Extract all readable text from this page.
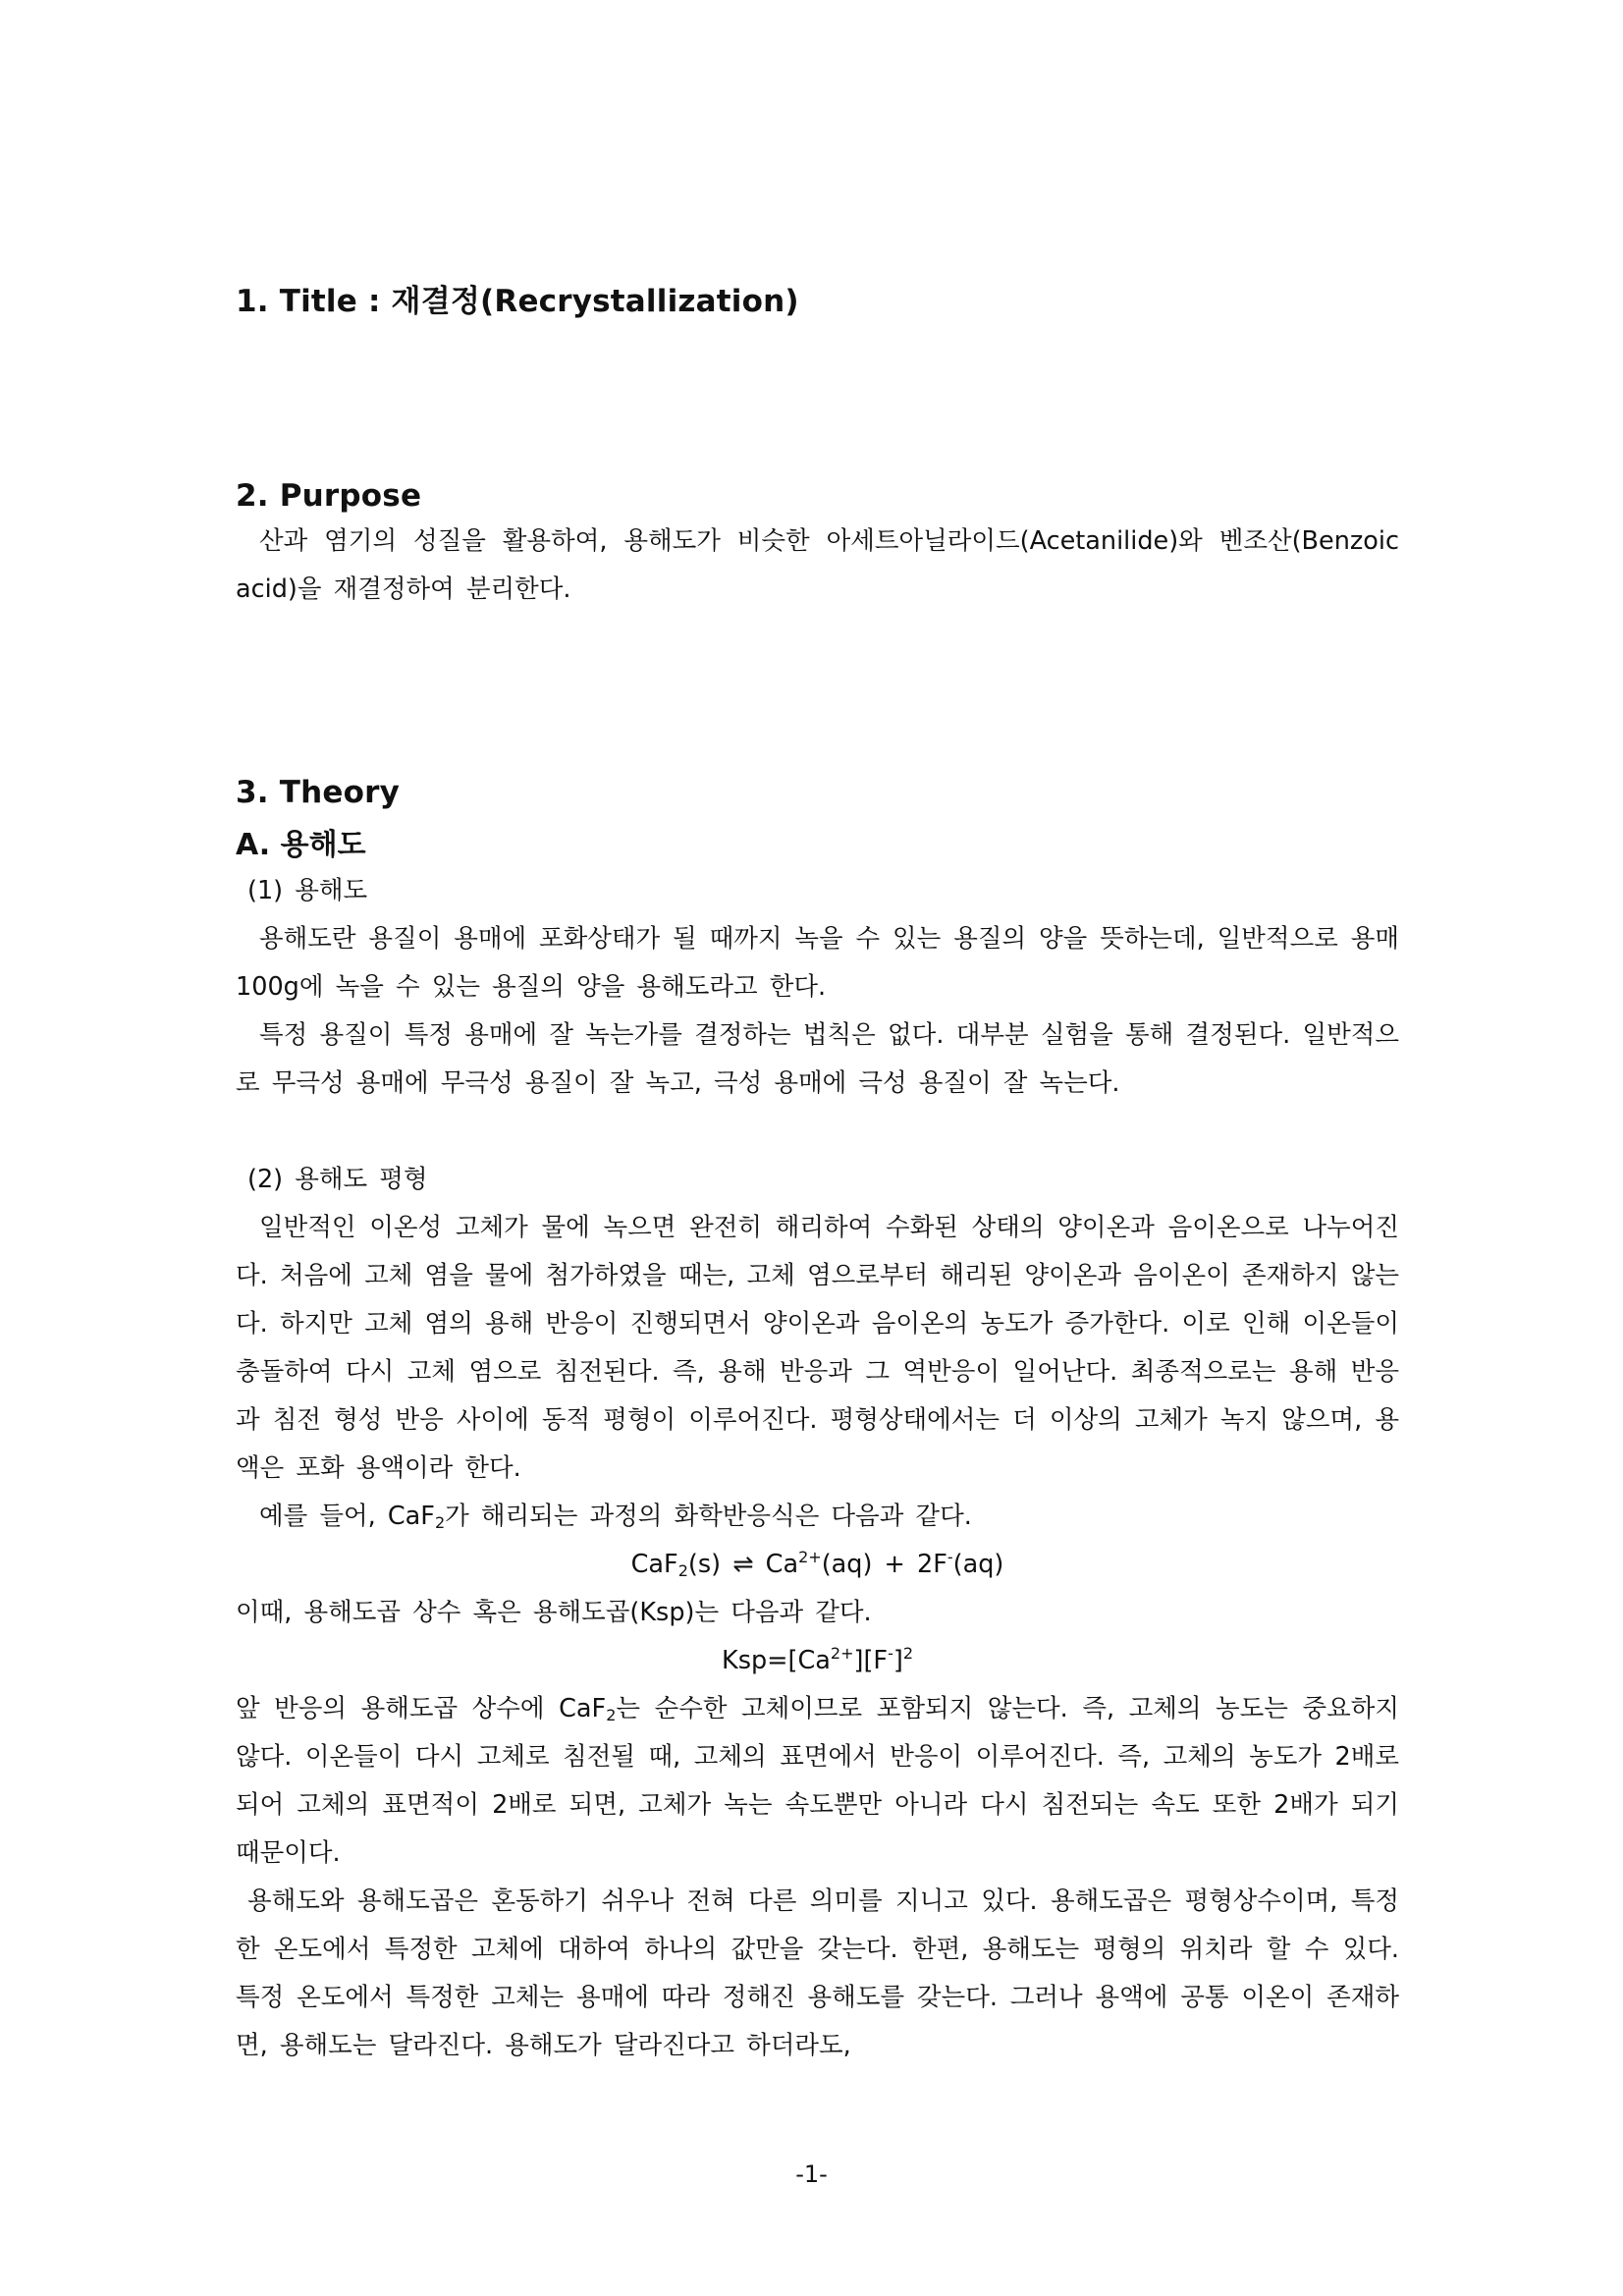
1. Title : 재결정(Recrystallization)
2. Purpose

산과 염기의 성질을 활용하여, 용해도가 비슷한 아세트아닐라이드(Acetanilide)와 벤조산(Benzoic acid)을 재결정하여 분리한다.

3. Theory
A. 용해도

(1) 용해도

용해도란 용질이 용매에 포화상태가 될 때까지 녹을 수 있는 용질의 양을 뜻하는데, 일반적으로 용매 100g에 녹을 수 있는 용질의 양을 용해도라고 한다.

특정 용질이 특정 용매에 잘 녹는가를 결정하는 법칙은 없다. 대부분 실험을 통해 결정된다. 일반적으로 무극성 용매에 무극성 용질이 잘 녹고, 극성 용매에 극성 용질이 잘 녹는다.

(2) 용해도 평형

일반적인 이온성 고체가 물에 녹으면 완전히 해리하여 수화된 상태의 양이온과 음이온으로 나누어진다. 처음에 고체 염을 물에 첨가하였을 때는, 고체 염으로부터 해리된 양이온과 음이온이 존재하지 않는다. 하지만 고체 염의 용해 반응이 진행되면서 양이온과 음이온의 농도가 증가한다. 이로 인해 이온들이 충돌하여 다시 고체 염으로 침전된다. 즉, 용해 반응과 그 역반응이 일어난다. 최종적으로는 용해 반응과 침전 형성 반응 사이에 동적 평형이 이루어진다. 평형상태에서는 더 이상의 고체가 녹지 않으며, 용액은 포화 용액이라 한다.

예를 들어, CaF$_2$가 해리되는 과정의 화학반응식은 다음과 같다.

CaF$_2$(s) ⇌ $Ca^{2+}(aq) + 2F^-(aq)$

이때, 용해도곱 상수 혹은 용해도곱(Ksp)는 다음과 같다.

$Ksp=[Ca^{2+}][F^-]^2$

앞 반응의 용해도곱 상수에 CaF$_2$는 순수한 고체이므로 포함되지 않는다. 즉, 고체의 농도는 중요하지 않다. 이온들이 다시 고체로 침전될 때, 고체의 표면에서 반응이 이루어진다. 즉, 고체의 농도가 2배로 되어 고체의 표면적이 2배로 되면, 고체가 녹는 속도뿐만 아니라 다시 침전되는 속도 또한 2배가 되기 때문이다.

용해도와 용해도곱은 혼동하기 쉬우나 전혀 다른 의미를 지니고 있다. 용해도곱은 평형상수이며, 특정한 온도에서 특정한 고체에 대하여 하나의 값만을 갖는다. 한편, 용해도는 평형의 위치라 할 수 있다. 특정 온도에서 특정한 고체는 용매에 따라 정해진 용해도를 갖는다. 그러나 용액에 공통 이온이 존재하면, 용해도는 달라진다. 용해도가 달라진다고 하더라도,

-1-
